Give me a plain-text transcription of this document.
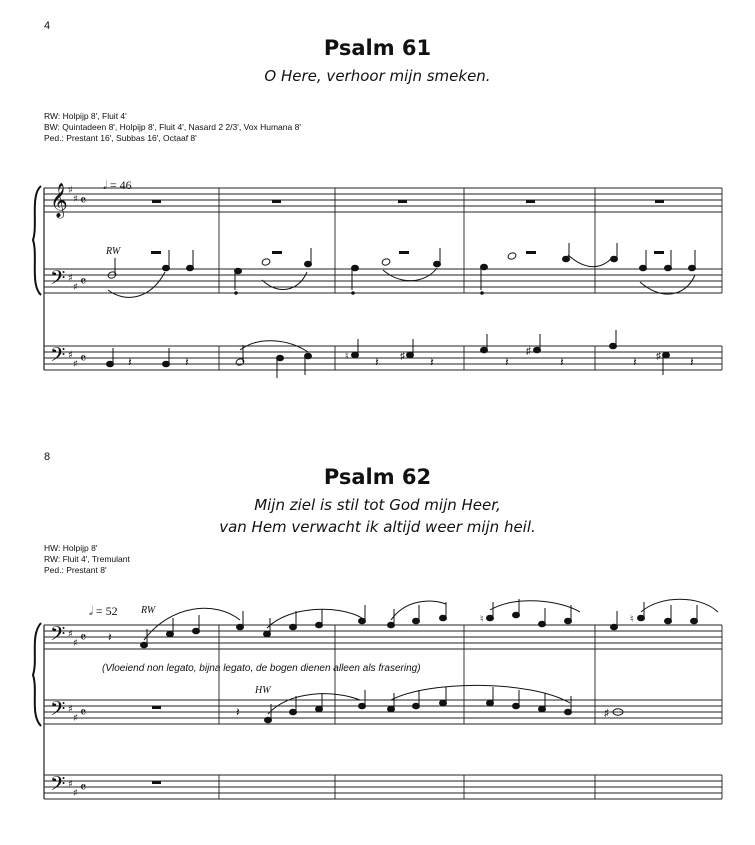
4
Psalm 61
O Here, verhoor mijn smeken.
RW: Holpijp 8', Fluit 4'
BW: Quintadeen 8', Holpijp 8', Fluit 4', Nasard 2 2/3', Vox Humana 8'
Ped.: Prestant 16', Subbas 16', Octaaf 8'
𝅗𝅥 = 46
RW
8
Psalm 62
Mijn ziel is stil tot God mijn Heer,
van Hem verwacht ik altijd weer mijn heil.
HW: Holpijp 8'
RW: Fluit 4', Tremulant
Ped.: Prestant 8'
𝅗𝅥 = 52 RW
(Vloeiend non legato, bijna legato, de bogen dienen alleen als frasering)
HW
𝄞
𝄢
𝄢
♯
♯
♯
♯
♯
♯
𝄴
𝄴
𝄴	𝄽	𝄽	♮ 𝄽 ♯ 𝄽	𝄽
♯
𝄽	𝄽 ♯ 𝄽
𝄢
𝄢
𝄢
♯
♯
♯
♯
♯
♯
𝄴
𝄴
𝄴
𝄽
♮	♮
𝄽	♯
